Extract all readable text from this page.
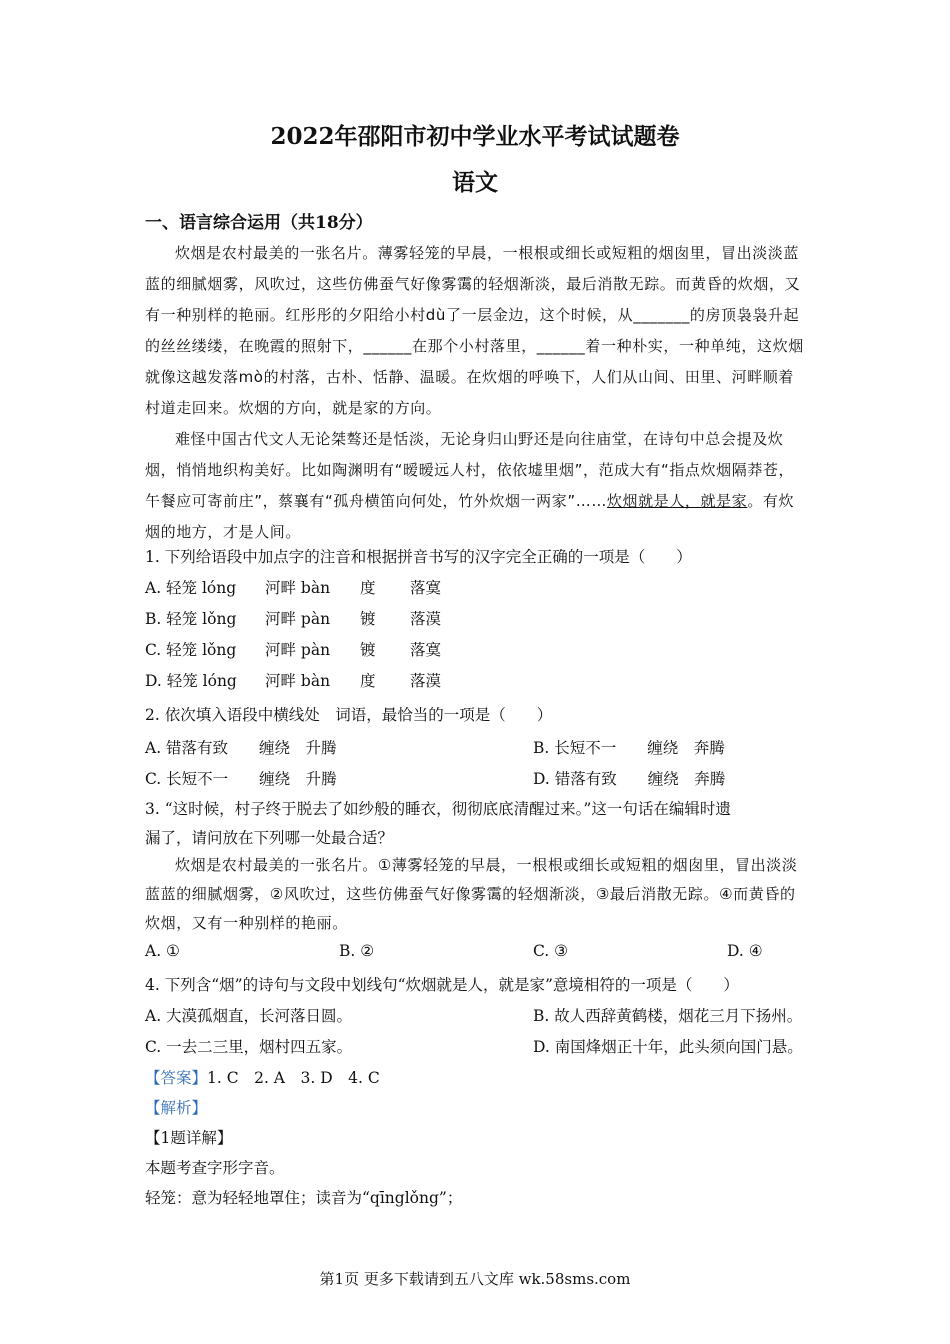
2022年邵阳市初中学业水平考试试题卷
语文
一、语言综合运用（共18分）
炊烟是农村最美的一张名片。薄雾轻笼的早晨，一根根或细长或短粗的烟囱里，冒出淡淡蓝蓝的细腻烟雾，风吹过，这些仿佛蚕气好像雾霭的轻烟渐淡，最后消散无踪。而黄昏的炊烟，又有一种别样的艳丽。红彤彤的夕阳给小村dù了一层金边，这个时候，从_______的房顶袅袅升起的丝丝缕缕，在晚霞的照射下，______在那个小村落里，______着一种朴实，一种单纯，这炊烟就像这越发落mò的村落，古朴、恬静、温暖。在炊烟的呼唤下，人们从山间、田里、河畔顺着村道走回来。炊烟的方向，就是家的方向。
难怪中国古代文人无论桀骜还是恬淡，无论身归山野还是向往庙堂，在诗句中总会提及炊烟，悄悄地织构美好。比如陶渊明有“暧暧远人村，依依墟里烟”，范成大有“指点炊烟隔莽苍，午餐应可寄前庄”，蔡襄有“孤舟横笛向何处，竹外炊烟一两家”……炊烟就是人，就是家。有炊烟的地方，才是人间。
1. 下列给语段中加点字的注音和根据拼音书写的汉字完全正确的一项是（　　）
A. 轻笼 lóng 河畔 bàn 度 落寞
B. 轻笼 lǒng 河畔 pàn 镀 落漠
C. 轻笼 lǒng 河畔 pàn 镀 落寞
D. 轻笼 lóng 河畔 bàn 度 落漠
2. 依次填入语段中横线处　词语，最恰当的一项是（　　）
A. 错落有致　　缠绕　升腾	B. 长短不一　　缠绕　奔腾
C. 长短不一　　缠绕　升腾	D. 错落有致　　缠绕　奔腾
3. “这时候，村子终于脱去了如纱般的睡衣，彻彻底底清醒过来。”这一句话在编辑时遗
漏了，请问放在下列哪一处最合适？
炊烟是农村最美的一张名片。①薄雾轻笼的早晨，一根根或细长或短粗的烟囱里，冒出淡淡蓝蓝的细腻烟雾，②风吹过，这些仿佛蚕气好像雾霭的轻烟渐淡，③最后消散无踪。④而黄昏的炊烟，又有一种别样的艳丽。
A. ①	B. ②	C. ③	D. ④
4. 下列含“烟”的诗句与文段中划线句“炊烟就是人，就是家”意境相符的一项是（　　）
A. 大漠孤烟直，长河落日圆。	B. 故人西辞黄鹤楼，烟花三月下扬州。
C. 一去二三里，烟村四五家。	D. 南国烽烟正十年，此头须向国门悬。
【答案】1. C　2. A　3. D　4. C
【解析】
【1题详解】
本题考查字形字音。
轻笼：意为轻轻地罩住；读音为“qīnglǒng”；
第1页 更多下载请到五八文库 wk.58sms.com
